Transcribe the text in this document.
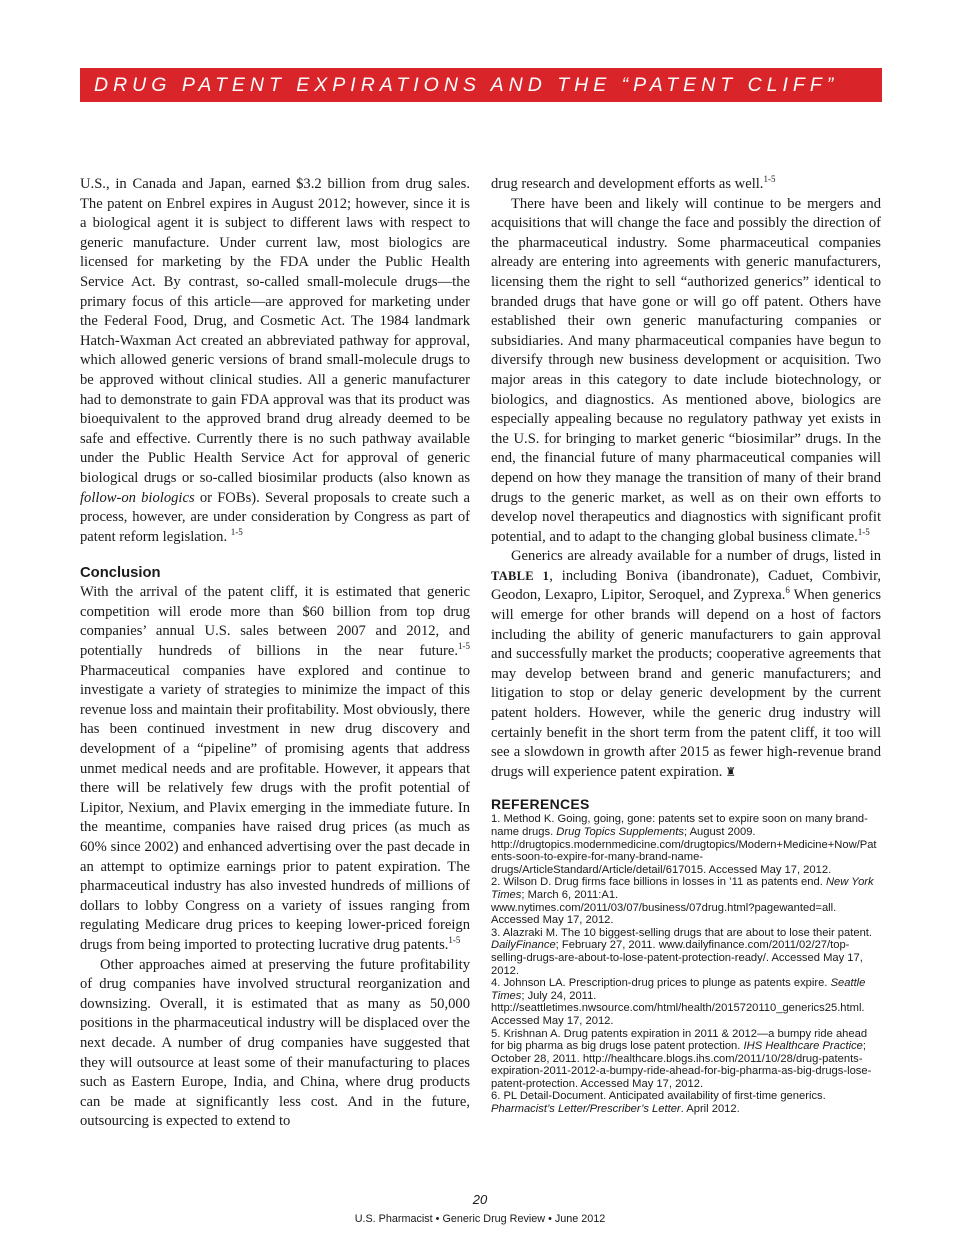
DRUG PATENT EXPIRATIONS AND THE “PATENT CLIFF”

U.S., in Canada and Japan, earned $3.2 billion from drug sales. The patent on Enbrel expires in August 2012; however, since it is a biological agent it is subject to different laws with respect to generic manufacture. Under current law, most biologics are licensed for marketing by the FDA under the Public Health Service Act. By contrast, so-called small-molecule drugs—the primary focus of this article—are approved for marketing under the Federal Food, Drug, and Cosmetic Act. The 1984 landmark Hatch-Waxman Act created an abbreviated pathway for approval, which allowed generic versions of brand small-molecule drugs to be approved without clinical studies. All a generic manufacturer had to demonstrate to gain FDA approval was that its product was bioequivalent to the approved brand drug already deemed to be safe and effective. Currently there is no such pathway available under the Public Health Service Act for approval of generic biological drugs or so-called biosimilar products (also known as follow-on biologics or FOBs). Several proposals to create such a process, however, are under consideration by Congress as part of patent reform legislation. $^{1-5}$

Conclusion

With the arrival of the patent cliff, it is estimated that generic competition will erode more than $60 billion from top drug companies’ annual U.S. sales between 2007 and 2012, and potentially hundreds of billions in the near future.$^{1-5}$ Pharmaceutical companies have explored and continue to investigate a variety of strategies to minimize the impact of this revenue loss and maintain their profitability. Most obviously, there has been continued investment in new drug discovery and development of a “pipeline” of promising agents that address unmet medical needs and are profitable. However, it appears that there will be relatively few drugs with the profit potential of Lipitor, Nexium, and Plavix emerging in the immediate future. In the meantime, companies have raised drug prices (as much as 60% since 2002) and enhanced advertising over the past decade in an attempt to optimize earnings prior to patent expiration. The pharmaceutical industry has also invested hundreds of millions of dollars to lobby Congress on a variety of issues ranging from regulating Medicare drug prices to keeping lower-priced foreign drugs from being imported to protecting lucrative drug patents.$^{1-5}$

Other approaches aimed at preserving the future profitability of drug companies have involved structural reorganization and downsizing. Overall, it is estimated that as many as 50,000 positions in the pharmaceutical industry will be displaced over the next decade. A number of drug companies have suggested that they will outsource at least some of their manufacturing to places such as Eastern Europe, India, and China, where drug products can be made at significantly less cost. And in the future, outsourcing is expected to extend to

drug research and development efforts as well.$^{1-5}$

There have been and likely will continue to be mergers and acquisitions that will change the face and possibly the direction of the pharmaceutical industry. Some pharmaceutical companies already are entering into agreements with generic manufacturers, licensing them the right to sell “authorized generics” identical to branded drugs that have gone or will go off patent. Others have established their own generic manufacturing companies or subsidiaries. And many pharmaceutical companies have begun to diversify through new business development or acquisition. Two major areas in this category to date include biotechnology, or biologics, and diagnostics. As mentioned above, biologics are especially appealing because no regulatory pathway yet exists in the U.S. for bringing to market generic “biosimilar” drugs. In the end, the financial future of many pharmaceutical companies will depend on how they manage the transition of many of their brand drugs to the generic market, as well as on their own efforts to develop novel therapeutics and diagnostics with significant profit potential, and to adapt to the changing global business climate.$^{1-5}$

Generics are already available for a number of drugs, listed in TABLE 1, including Boniva (ibandronate), Caduet, Combivir, Geodon, Lexapro, Lipitor, Seroquel, and Zyprexa.$^6$ When generics will emerge for other brands will depend on a host of factors including the ability of generic manufacturers to gain approval and successfully market the products; cooperative agreements that may develop between brand and generic manufacturers; and litigation to stop or delay generic development by the current patent holders. However, while the generic drug industry will certainly benefit in the short term from the patent cliff, it too will see a slowdown in growth after 2015 as fewer high-revenue brand drugs will experience patent expiration. ♜

REFERENCES

1. Method K. Going, going, gone: patents set to expire soon on many brand-name drugs. Drug Topics Supplements; August 2009. http://drugtopics.modernmedicine.com/drugtopics/Modern+Medicine+Now/Patents-soon-to-expire-for-many-brand-name-drugs/ArticleStandard/Article/detail/617015. Accessed May 17, 2012.

2. Wilson D. Drug firms face billions in losses in ’11 as patents end. New York Times; March 6, 2011:A1. www.nytimes.com/2011/03/07/business/07drug.html?pagewanted=all. Accessed May 17, 2012.

3. Alazraki M. The 10 biggest-selling drugs that are about to lose their patent. DailyFinance; February 27, 2011. www.dailyfinance.com/2011/02/27/top-selling-drugs-are-about-to-lose-patent-protection-ready/. Accessed May 17, 2012.

4. Johnson LA. Prescription-drug prices to plunge as patents expire. Seattle Times; July 24, 2011. http://seattletimes.nwsource.com/html/health/2015720110_generics25.html. Accessed May 17, 2012.

5. Krishnan A. Drug patents expiration in 2011 & 2012—a bumpy ride ahead for big pharma as big drugs lose patent protection. IHS Healthcare Practice; October 28, 2011. http://healthcare.blogs.ihs.com/2011/10/28/drug-patents-expiration-2011-2012-a-bumpy-ride-ahead-for-big-pharma-as-big-drugs-lose-patent-protection. Accessed May 17, 2012.

6. PL Detail-Document. Anticipated availability of first-time generics. Pharmacist’s Letter/Prescriber’s Letter. April 2012.

20
U.S. Pharmacist • Generic Drug Review • June 2012
